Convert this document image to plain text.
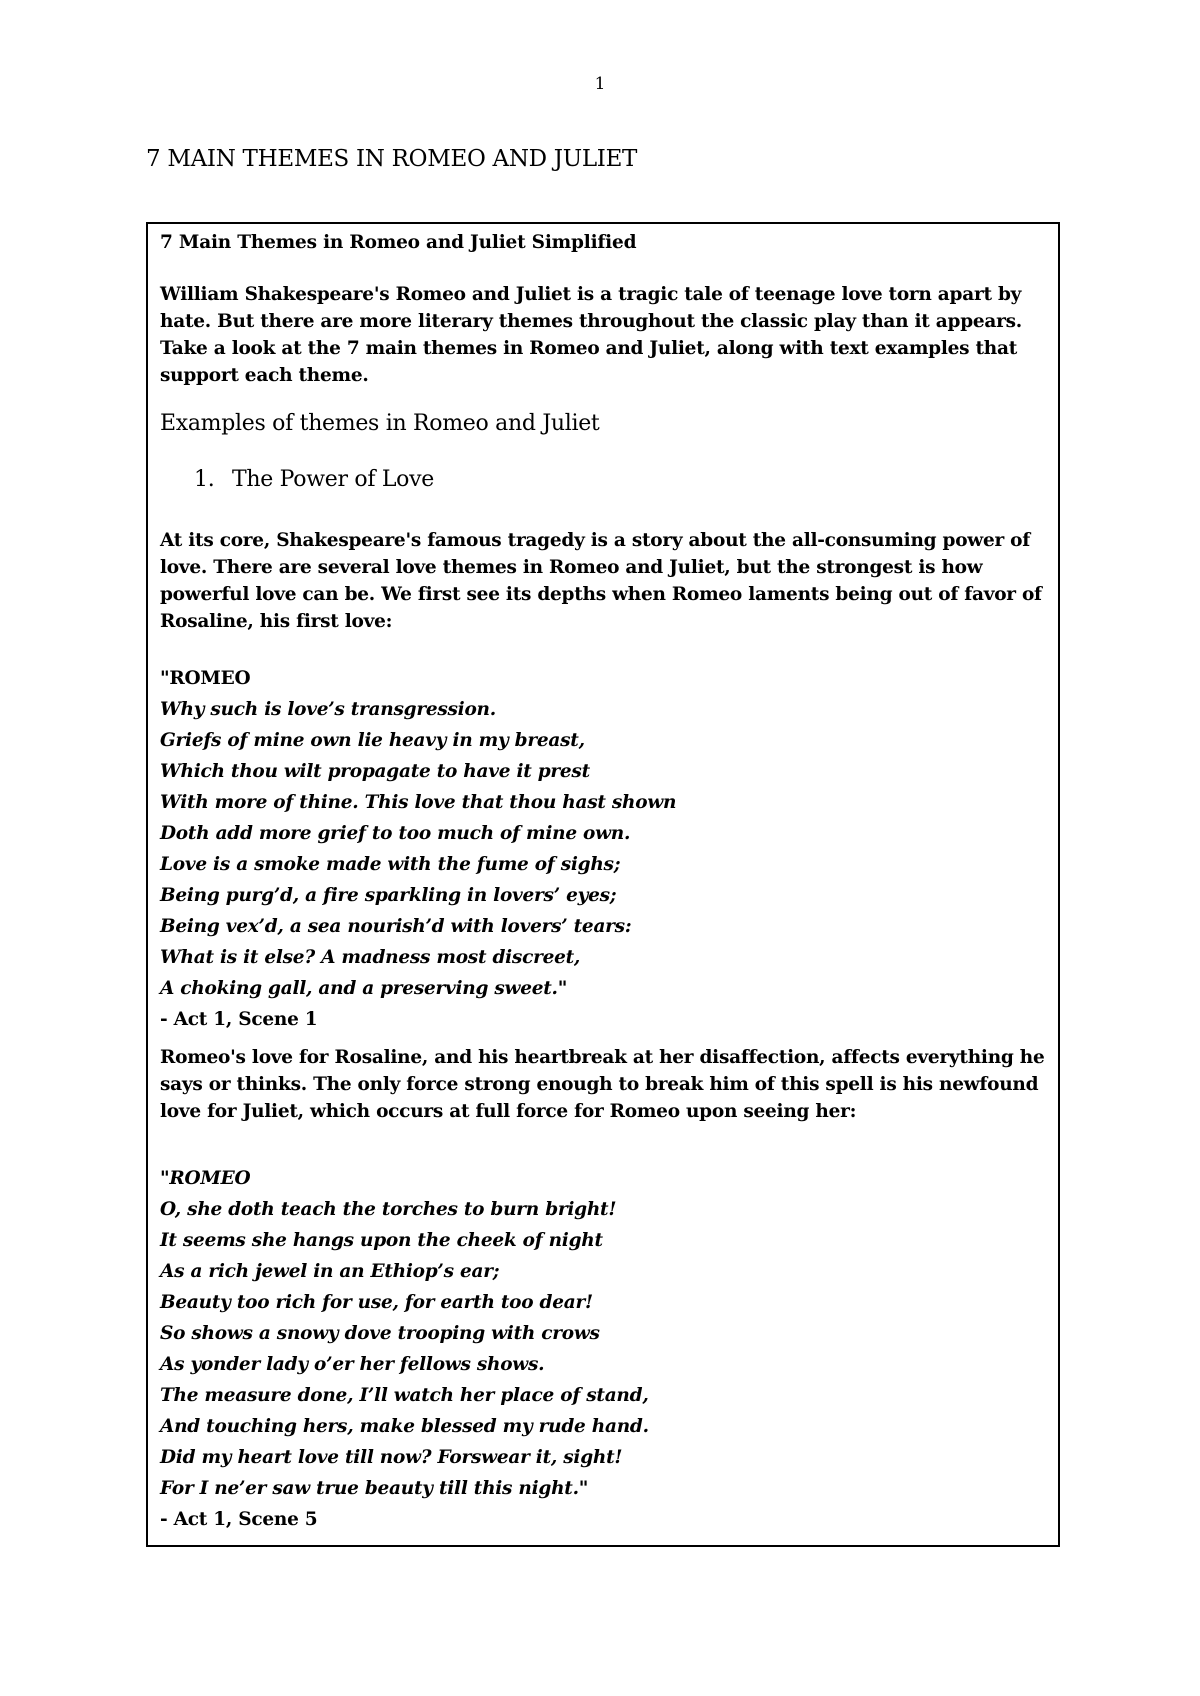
1
7 MAIN THEMES IN ROMEO AND JULIET
7 Main Themes in Romeo and Juliet Simplified
William Shakespeare's Romeo and Juliet is a tragic tale of teenage love torn apart by hate. But there are more literary themes throughout the classic play than it appears. Take a look at the 7 main themes in Romeo and Juliet, along with text examples that support each theme.
Examples of themes in Romeo and Juliet
1. The Power of Love
At its core, Shakespeare's famous tragedy is a story about the all-consuming power of love. There are several love themes in Romeo and Juliet, but the strongest is how powerful love can be. We first see its depths when Romeo laments being out of favor of Rosaline, his first love:
"ROMEO
Why such is love’s transgression.
Griefs of mine own lie heavy in my breast,
Which thou wilt propagate to have it prest
With more of thine. This love that thou hast shown
Doth add more grief to too much of mine own.
Love is a smoke made with the fume of sighs;
Being purg’d, a fire sparkling in lovers’ eyes;
Being vex’d, a sea nourish’d with lovers’ tears:
What is it else? A madness most discreet,
A choking gall, and a preserving sweet."
- Act 1, Scene 1
Romeo's love for Rosaline, and his heartbreak at her disaffection, affects everything he says or thinks. The only force strong enough to break him of this spell is his newfound love for Juliet, which occurs at full force for Romeo upon seeing her:
"ROMEO
O, she doth teach the torches to burn bright!
It seems she hangs upon the cheek of night
As a rich jewel in an Ethiop’s ear;
Beauty too rich for use, for earth too dear!
So shows a snowy dove trooping with crows
As yonder lady o’er her fellows shows.
The measure done, I’ll watch her place of stand,
And touching hers, make blessed my rude hand.
Did my heart love till now? Forswear it, sight!
For I ne’er saw true beauty till this night."
- Act 1, Scene 5
